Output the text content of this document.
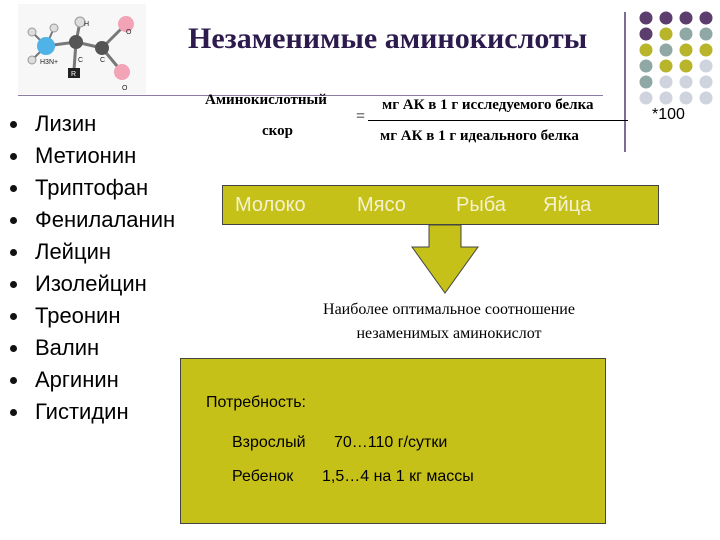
H
O
H3N+	C C
R
O
Незаменимые аминокислоты
Лизин
Метионин
Триптофан
Фенилаланин
Лейцин
Изолейцин
Треонин
Валин
Аргинин
Гистидин
Аминокислотный
скор
=
мг АК в 1 г исследуемого белка
мг АК в 1 г идеального белка
*100
Молоко	Мясо	Рыба Яйца
Наиболее оптимальное соотношение
незаменимых аминокислот
Потребность:
Взрослый 70…110 г/сутки
Ребенок 1,5…4 на 1 кг массы
